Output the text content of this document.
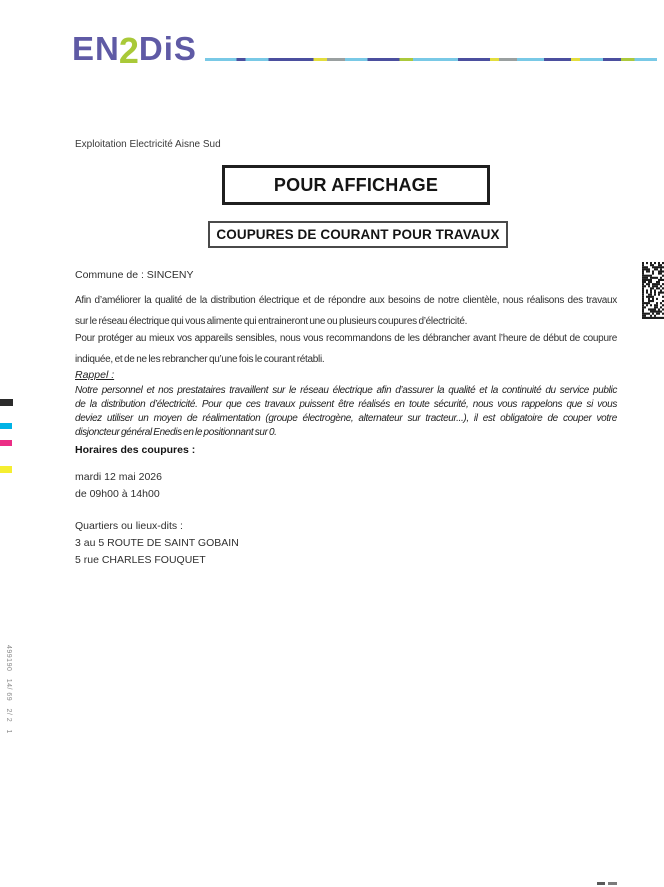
EN2DiS
Exploitation Electricité Aisne Sud
POUR AFFICHAGE
COUPURES DE COURANT POUR TRAVAUX
Commune de : SINCENY
Afin d’améliorer la qualité de la distribution électrique et de répondre aux besoins de notre clientèle, nous réalisons des travaux
sur le réseau électrique qui vous alimente qui entraineront une ou plusieurs coupures d’électricité.
Pour protéger au mieux vos appareils sensibles, nous vous recommandons de les débrancher avant l’heure de début de coupure
indiquée, et de ne les rebrancher qu’une fois le courant rétabli.
Rappel :
Notre personnel et nos prestataires travaillent sur le réseau électrique afin d’assurer la qualité et la continuité du service public
de la distribution d’électricité. Pour que ces travaux puissent être réalisés en toute sécurité, nous vous rappelons que si vous
deviez utiliser un moyen de réalimentation (groupe électrogène, alternateur sur tracteur...), il est obligatoire de couper votre
disjoncteur général Enedis en le positionnant sur 0.
Horaires des coupures :
mardi 12 mai 2026
de 09h00 à 14h00
Quartiers ou lieux-dits :
3 au 5 ROUTE DE SAINT GOBAIN
5 rue CHARLES FOUQUET
499190   14/ 69   2/ 2   1
